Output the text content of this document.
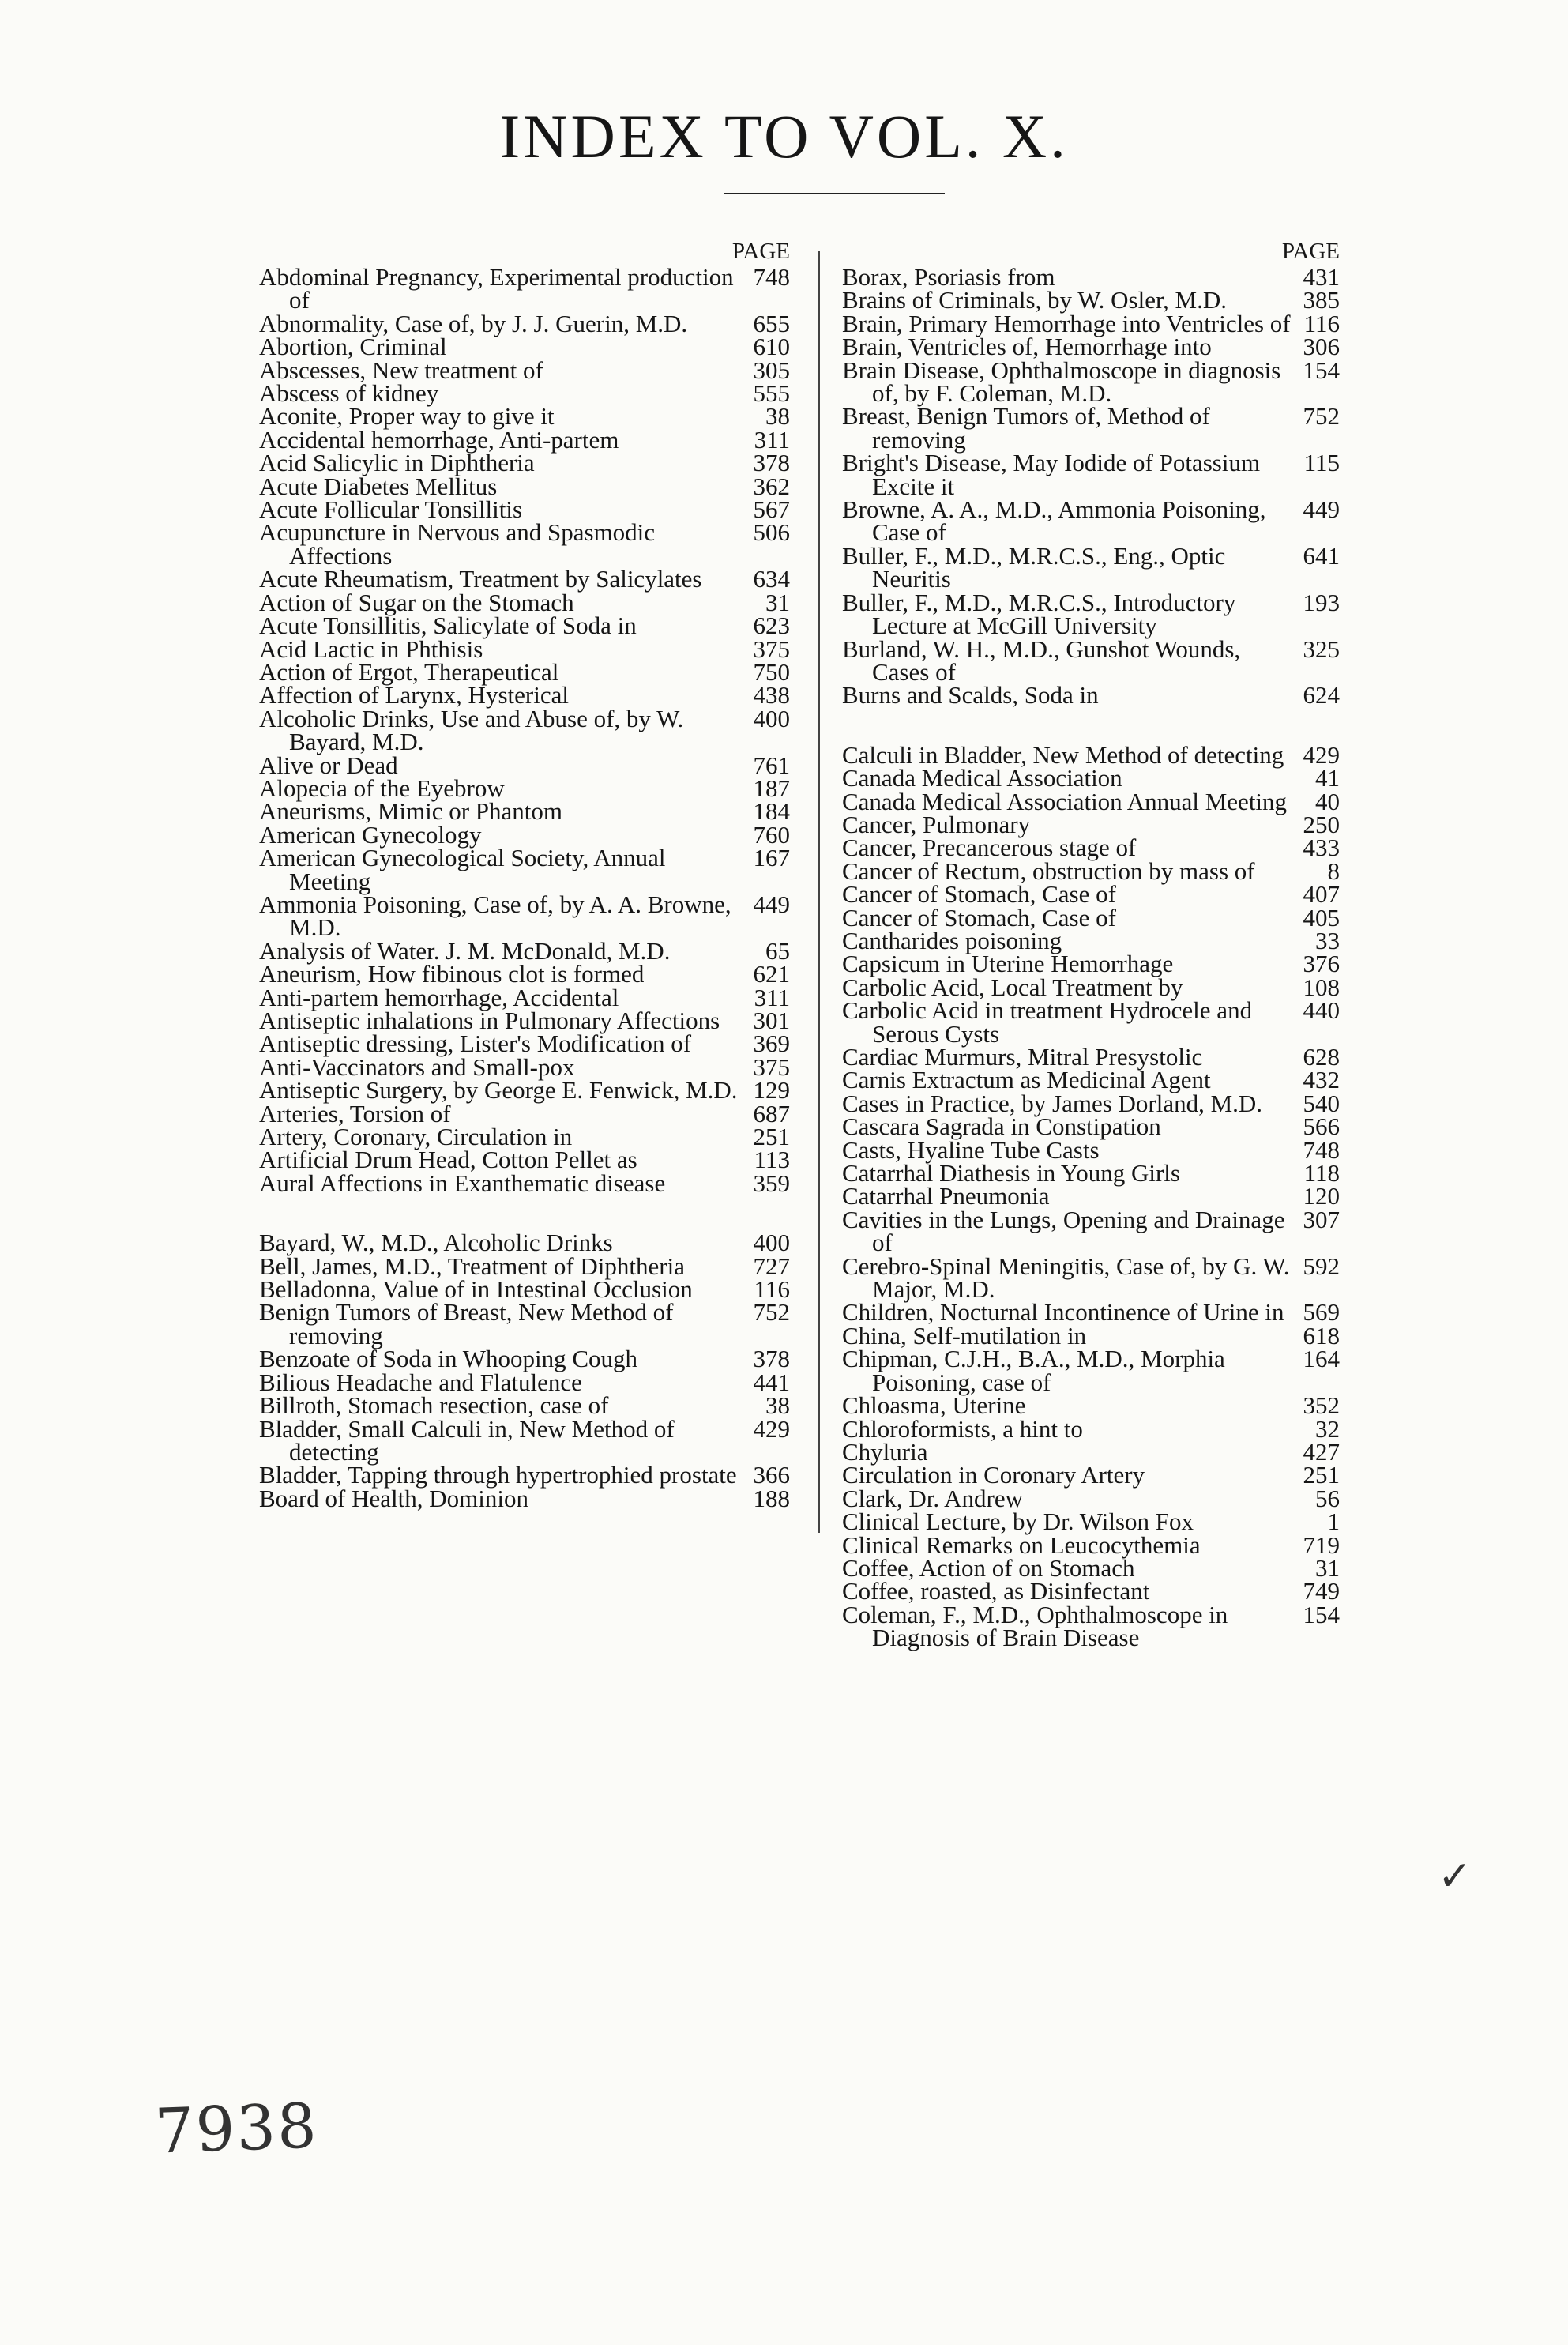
INDEX TO VOL. X.
PAGE
748
Abdominal Pregnancy, Experimental production of
655
Abnormality, Case of, by J. J. Guerin, M.D.
610
Abortion, Criminal
305
Abscesses, New treatment of
555
Abscess of kidney
38
Aconite, Proper way to give it
311
Accidental hemorrhage, Anti-partem
378
Acid Salicylic in Diphtheria
362
Acute Diabetes Mellitus
567
Acute Follicular Tonsillitis
506
Acupuncture in Nervous and Spasmodic Affections
634
Acute Rheumatism, Treatment by Salicylates
31
Action of Sugar on the Stomach
623
Acute Tonsillitis, Salicylate of Soda in
375
Acid Lactic in Phthisis
750
Action of Ergot, Therapeutical
438
Affection of Larynx, Hysterical
400
Alcoholic Drinks, Use and Abuse of, by W. Bayard, M.D.
761
Alive or Dead
187
Alopecia of the Eyebrow
184
Aneurisms, Mimic or Phantom
760
American Gynecology
167
American Gynecological Society, Annual Meeting
449
Ammonia Poisoning, Case of, by A. A. Browne, M.D.
65
Analysis of Water. J. M. McDonald, M.D.
621
Aneurism, How fibinous clot is formed
311
Anti-partem hemorrhage, Accidental
301
Antiseptic inhalations in Pulmonary Affections
369
Antiseptic dressing, Lister's Modification of
375
Anti-Vaccinators and Small-pox
129
Antiseptic Surgery, by George E. Fenwick, M.D.
687
Arteries, Torsion of
251
Artery, Coronary, Circulation in
113
Artificial Drum Head, Cotton Pellet as
359
Aural Affections in Exanthematic disease
400
Bayard, W., M.D., Alcoholic Drinks
727
Bell, James, M.D., Treatment of Diphtheria
116
Belladonna, Value of in Intestinal Occlusion
752
Benign Tumors of Breast, New Method of removing
378
Benzoate of Soda in Whooping Cough
441
Bilious Headache and Flatulence
38
Billroth, Stomach resection, case of
429
Bladder, Small Calculi in, New Method of detecting
366
Bladder, Tapping through hypertrophied prostate
188
Board of Health, Dominion
PAGE
431
Borax, Psoriasis from
385
Brains of Criminals, by W. Osler, M.D.
116
Brain, Primary Hemorrhage into Ventricles of
306
Brain, Ventricles of, Hemorrhage into
154
Brain Disease, Ophthalmoscope in diagnosis of, by F. Coleman, M.D.
752
Breast, Benign Tumors of, Method of removing
115
Bright's Disease, May Iodide of Potassium Excite it
449
Browne, A. A., M.D., Ammonia Poisoning, Case of
641
Buller, F., M.D., M.R.C.S., Eng., Optic Neuritis
193
Buller, F., M.D., M.R.C.S., Introductory Lecture at McGill University
325
Burland, W. H., M.D., Gunshot Wounds, Cases of
624
Burns and Scalds, Soda in
429
Calculi in Bladder, New Method of detecting
41
Canada Medical Association
40
Canada Medical Association Annual Meeting
250
Cancer, Pulmonary
433
Cancer, Precancerous stage of
8
Cancer of Rectum, obstruction by mass of
407
Cancer of Stomach, Case of
405
Cancer of Stomach, Case of
33
Cantharides poisoning
376
Capsicum in Uterine Hemorrhage
108
Carbolic Acid, Local Treatment by
440
Carbolic Acid in treatment Hydrocele and Serous Cysts
628
Cardiac Murmurs, Mitral Presystolic
432
Carnis Extractum as Medicinal Agent
540
Cases in Practice, by James Dorland, M.D.
566
Cascara Sagrada in Constipation
748
Casts, Hyaline Tube Casts
118
Catarrhal Diathesis in Young Girls
120
Catarrhal Pneumonia
307
Cavities in the Lungs, Opening and Drainage of
592
Cerebro-Spinal Meningitis, Case of, by G. W. Major, M.D.
569
Children, Nocturnal Incontinence of Urine in
618
China, Self-mutilation in
164
Chipman, C.J.H., B.A., M.D., Morphia Poisoning, case of
352
Chloasma, Uterine
32
Chloroformists, a hint to
427
Chyluria
251
Circulation in Coronary Artery
56
Clark, Dr. Andrew
1
Clinical Lecture, by Dr. Wilson Fox
719
Clinical Remarks on Leucocythemia
31
Coffee, Action of on Stomach
749
Coffee, roasted, as Disinfectant
154
Coleman, F., M.D., Ophthalmoscope in Diagnosis of Brain Disease
7938
✓
